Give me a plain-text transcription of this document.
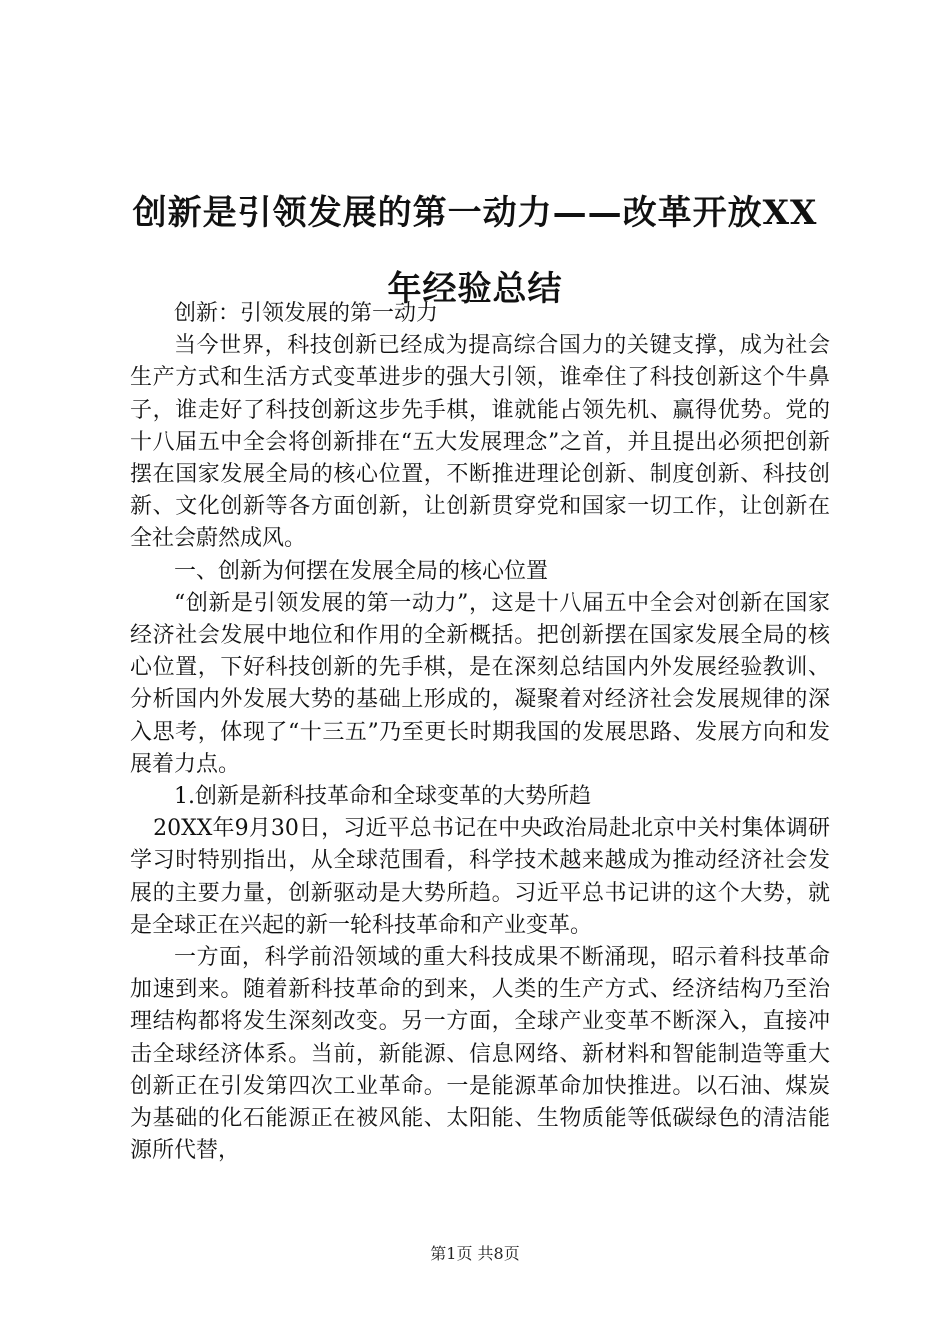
创新是引领发展的第一动力——改革开放XX年经验总结

创新：引领发展的第一动力

当今世界，科技创新已经成为提高综合国力的关键支撑，成为社会生产方式和生活方式变革进步的强大引领，谁牵住了科技创新这个牛鼻子，谁走好了科技创新这步先手棋，谁就能占领先机、赢得优势。党的十八届五中全会将创新排在“五大发展理念”之首，并且提出必须把创新摆在国家发展全局的核心位置，不断推进理论创新、制度创新、科技创新、文化创新等各方面创新，让创新贯穿党和国家一切工作，让创新在全社会蔚然成风。

一、创新为何摆在发展全局的核心位置

“创新是引领发展的第一动力”，这是十八届五中全会对创新在国家经济社会发展中地位和作用的全新概括。把创新摆在国家发展全局的核心位置，下好科技创新的先手棋，是在深刻总结国内外发展经验教训、分析国内外发展大势的基础上形成的，凝聚着对经济社会发展规律的深入思考，体现了“十三五”乃至更长时期我国的发展思路、发展方向和发展着力点。

1.创新是新科技革命和全球变革的大势所趋

20XX年9月30日，习近平总书记在中央政治局赴北京中关村集体调研学习时特别指出，从全球范围看，科学技术越来越成为推动经济社会发展的主要力量，创新驱动是大势所趋。习近平总书记讲的这个大势，就是全球正在兴起的新一轮科技革命和产业变革。

一方面，科学前沿领域的重大科技成果不断涌现，昭示着科技革命加速到来。随着新科技革命的到来，人类的生产方式、经济结构乃至治理结构都将发生深刻改变。另一方面，全球产业变革不断深入，直接冲击全球经济体系。当前，新能源、信息网络、新材料和智能制造等重大创新正在引发第四次工业革命。一是能源革命加快推进。以石油、煤炭为基础的化石能源正在被风能、太阳能、生物质能等低碳绿色的清洁能源所代替，

第1页 共8页
